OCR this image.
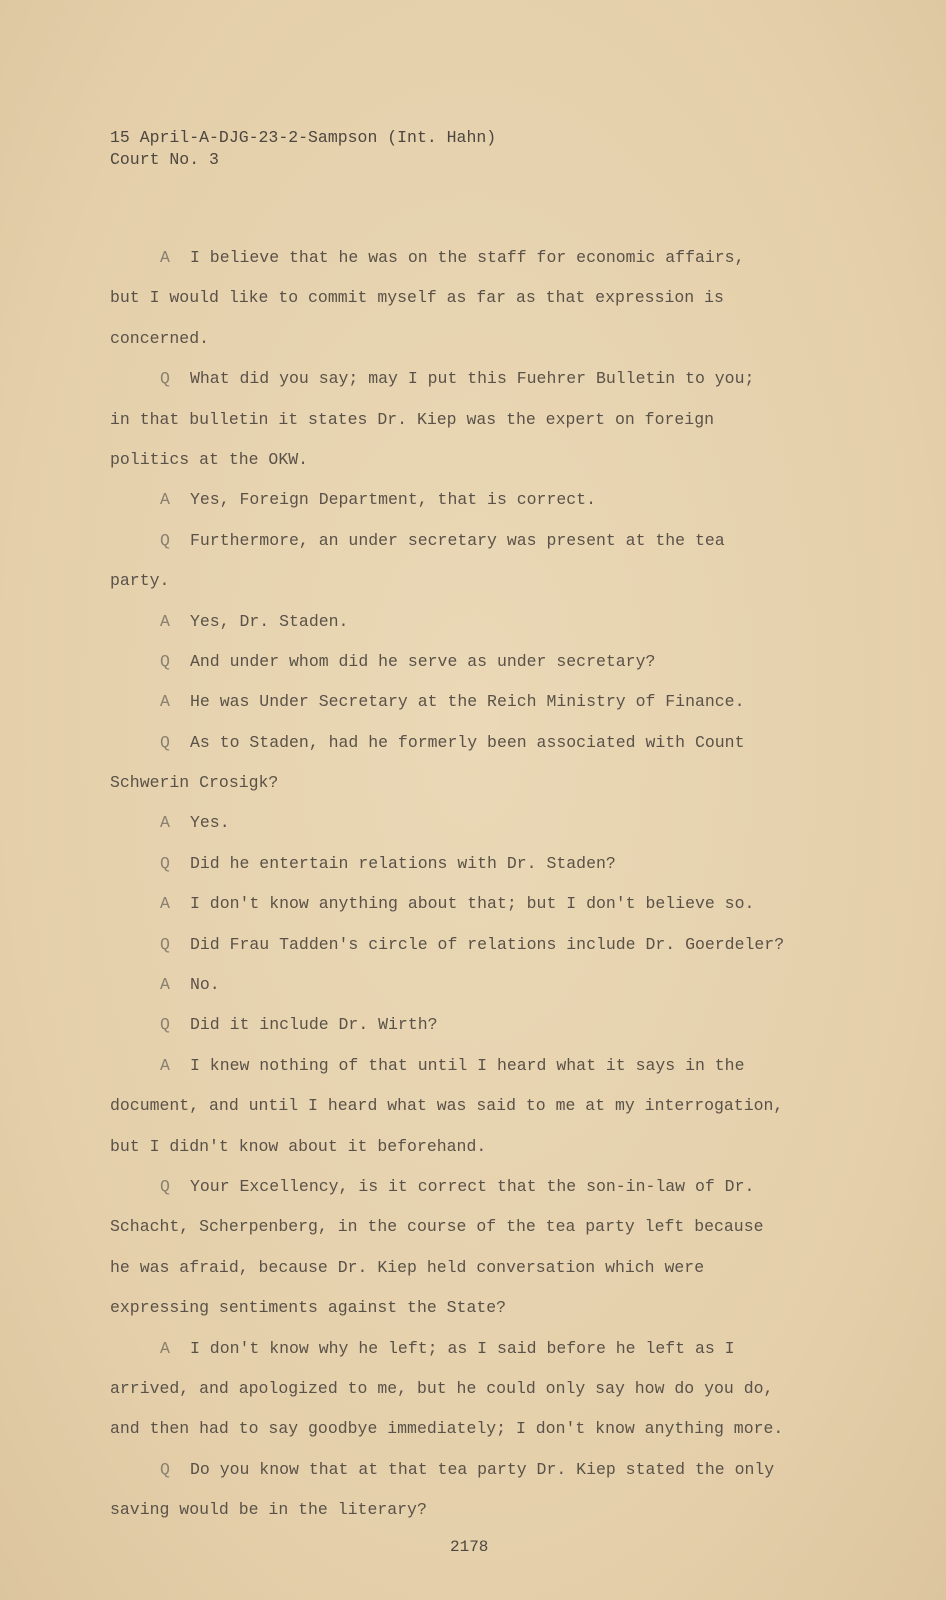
15 April-A-DJG-23-2-Sampson (Int. Hahn)
Court No. 3
A I believe that he was on the staff for economic affairs,
but I would like to commit myself as far as that expression is
concerned.
Q What did you say; may I put this Fuehrer Bulletin to you;
in that bulletin it states Dr. Kiep was the expert on foreign
politics at the OKW.
A Yes, Foreign Department, that is correct.
Q Furthermore, an under secretary was present at the tea
party.
A Yes, Dr. Staden.
Q And under whom did he serve as under secretary?
A He was Under Secretary at the Reich Ministry of Finance.
Q As to Staden, had he formerly been associated with Count
Schwerin Crosigk?
A Yes.
Q Did he entertain relations with Dr. Staden?
A I don't know anything about that; but I don't believe so.
Q Did Frau Tadden's circle of relations include Dr. Goerdeler?
A No.
Q Did it include Dr. Wirth?
A I knew nothing of that until I heard what it says in the
document, and until I heard what was said to me at my interrogation,
but I didn't know about it beforehand.
Q Your Excellency, is it correct that the son-in-law of Dr.
Schacht, Scherpenberg, in the course of the tea party left because
he was afraid, because Dr. Kiep held conversation which were
expressing sentiments against the State?
A I don't know why he left; as I said before he left as I
arrived, and apologized to me, but he could only say how do you do,
and then had to say goodbye immediately; I don't know anything more.
Q Do you know that at that tea party Dr. Kiep stated the only
saving would be in the literary?
2178
